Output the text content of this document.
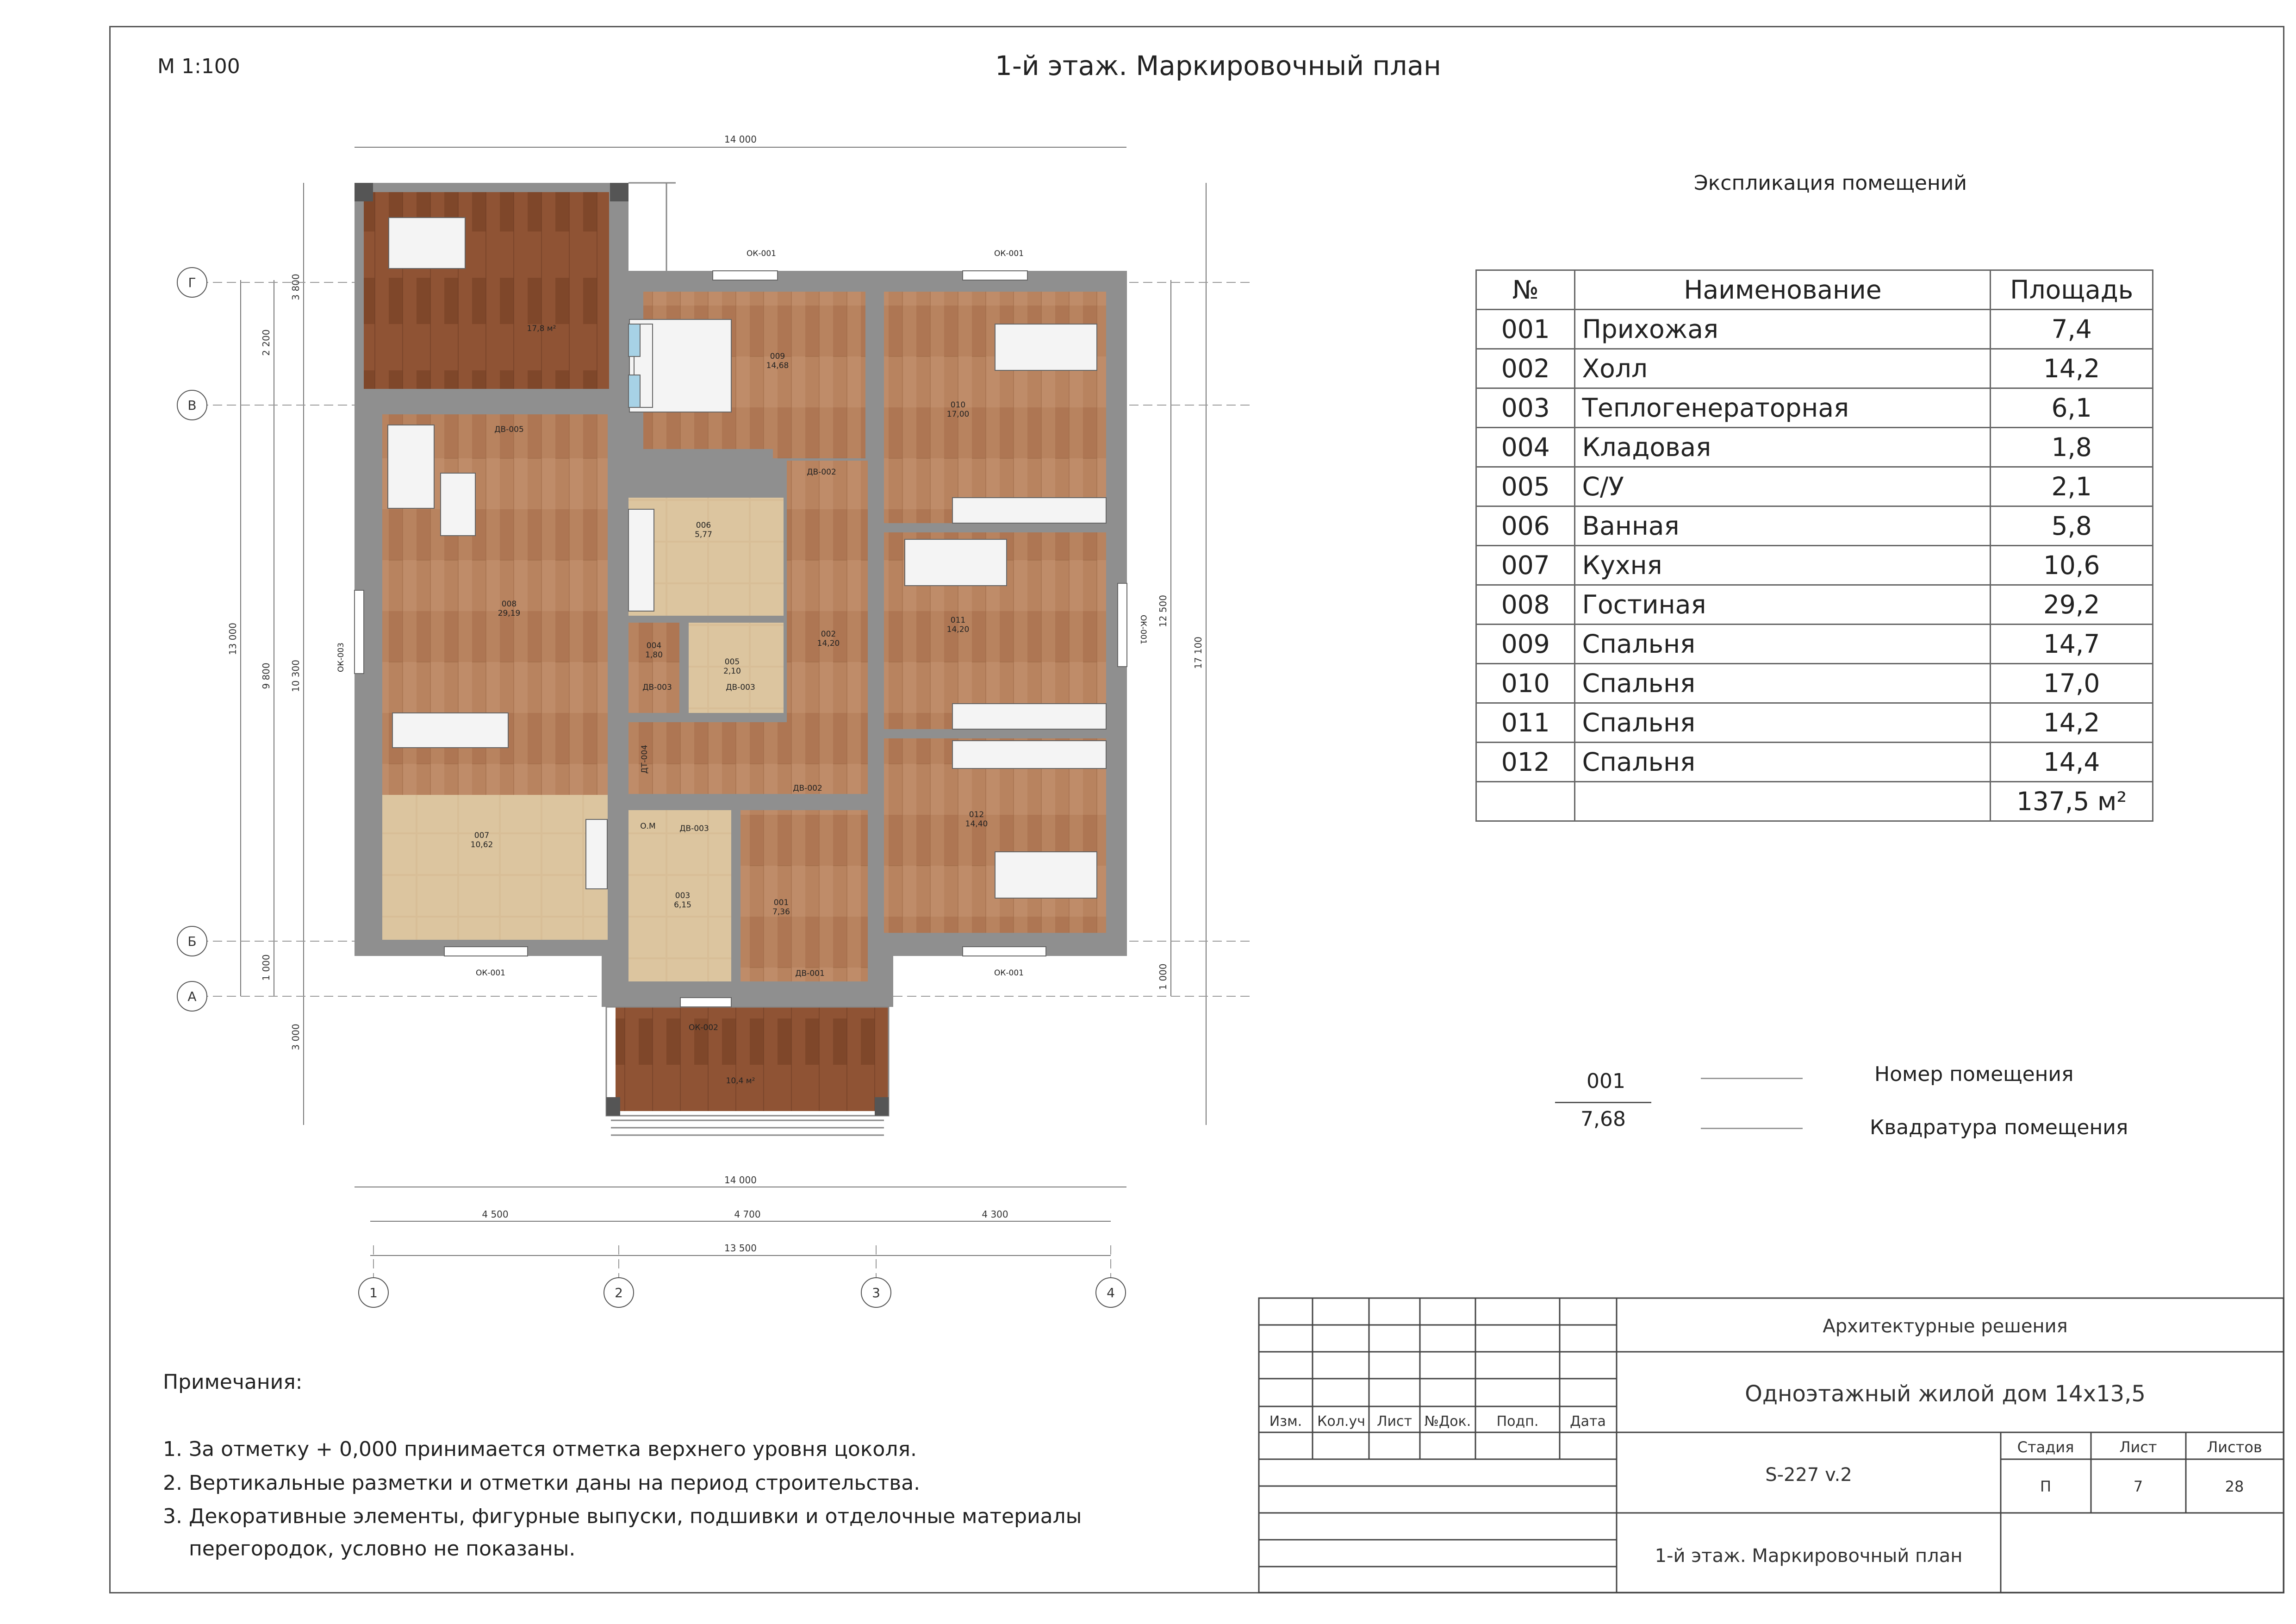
М 1:100	1-й этаж. Маркировочный план
14 000
14 000
4 500	4 700	4 300
13 500
13 000
2 200
9 800
1 000
3 800
10 300
3 000
12 500
17 100
1 000
Г
В
Б
А
1	2	3	4
17,8 м²
10,4 м²
001
7,36
002
14,20
003
6,15
004
1,80
005
2,10
006
5,77
007
10,62
008
29,19
009
14,68
010
17,00
011
14,20
012
14,40
ОК-001	ОК-001
ОК-001	ОК-001
ОК-002
ДВ-005
ДВ-002
ДВ-002
ДВ-003	ДВ-003
ДВ-003
ДВ-001
О.М
ОК-003
ОК-001
ДТ-004
Экспликация помещений
№	Наименование	Площадь
001	Прихожая	7,4
002	Холл	14,2
003	Теплогенераторная	6,1
004	Кладовая	1,8
005	С/У	2,1
006	Ванная	5,8
007	Кухня	10,6
008	Гостиная	29,2
009	Спальня	14,7
010	Спальня	17,0
011	Спальня	14,2
012	Спальня	14,4
		137,5 м²
001
7,68
Номер помещения
Квадратура помещения
Примечания:
1. За отметку + 0,000 принимается отметка верхнего уровня цоколя.
2. Вертикальные разметки и отметки даны на период строительства.
3. Декоративные элементы, фигурные выпуски, подшивки и отделочные материалы
перегородок, условно не показаны.
Изм. Кол.уч Лист №Док. Подп. Дата
Архитектурные решения
Одноэтажный жилой дом 14х13,5
S-227 v.2
1-й этаж. Маркировочный план
Стадия	Лист	Листов
П	7	28
